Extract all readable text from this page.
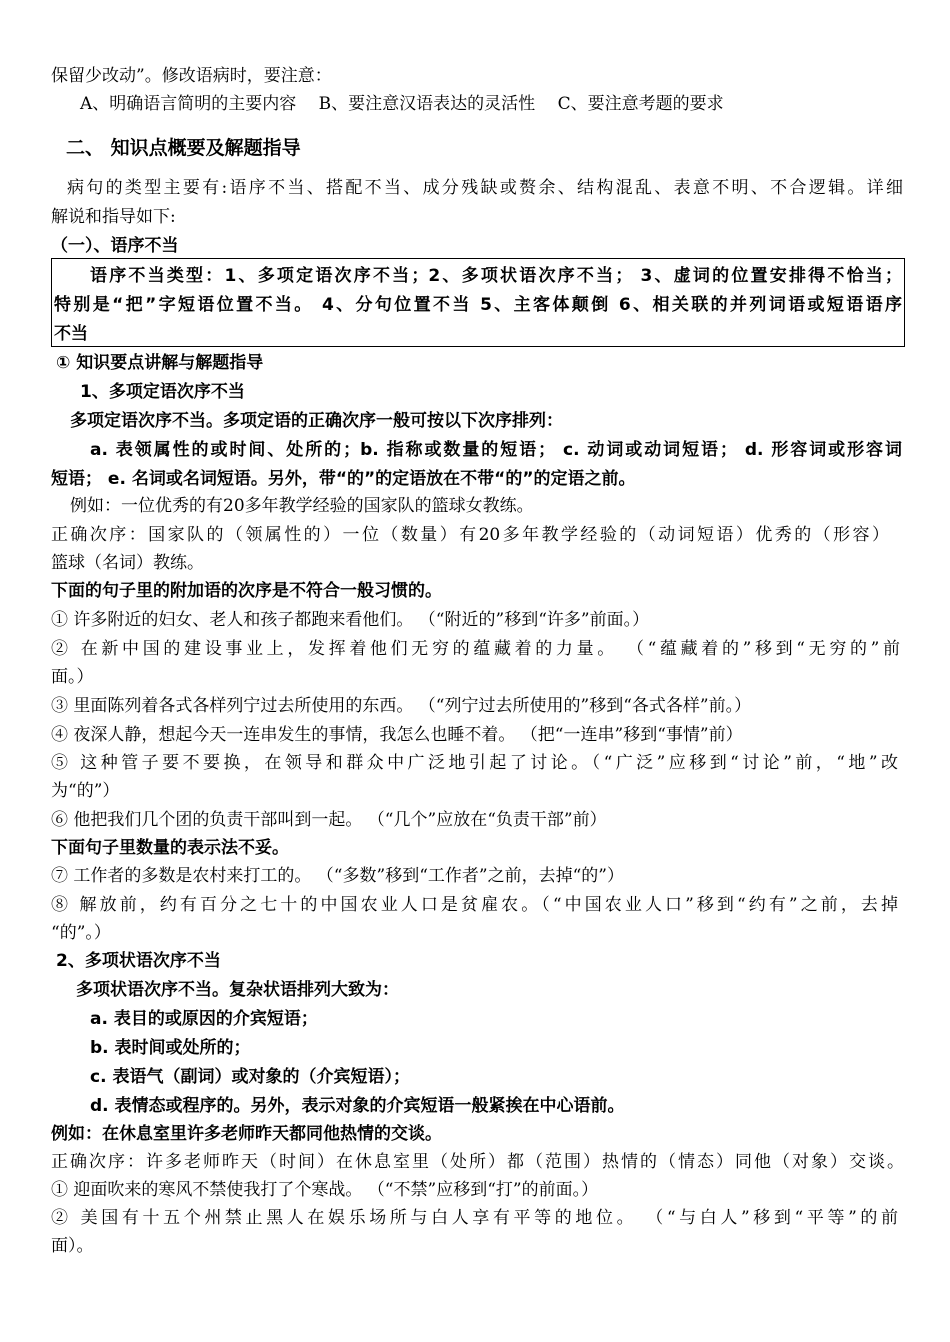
保留少改动”。修改语病时，要注意：
A、明确语言简明的主要内容　 B、要注意汉语表达的灵活性　 C、要注意考题的要求
二、 知识点概要及解题指导
病句的类型主要有:语序不当、搭配不当、成分残缺或赘余、结构混乱、表意不明、不合逻辑。详细
解说和指导如下:
（一）、语序不当
语序不当类型：1、多项定语次序不当；2、多项状语次序不当； 3、虚词的位置安排得不恰当；
特别是“把”字短语位置不当。 4、分句位置不当 5、主客体颠倒 6、相关联的并列词语或短语语序
不当
① 知识要点讲解与解题指导
1、多项定语次序不当
多项定语次序不当。多项定语的正确次序一般可按以下次序排列：
a. 表领属性的或时间、处所的；b. 指称或数量的短语； c. 动词或动词短语； d. 形容词或形容词
短语； e. 名词或名词短语。另外，带“的”的定语放在不带“的”的定语之前。
例如：一位优秀的有20多年教学经验的国家队的篮球女教练。
正确次序：国家队的（领属性的）一位（数量）有20多年教学经验的（动词短语）优秀的（形容）
篮球（名词）教练。
下面的句子里的附加语的次序是不符合一般习惯的。
① 许多附近的妇女、老人和孩子都跑来看他们。 （“附近的”移到“许多”前面。）
② 在新中国的建设事业上，发挥着他们无穷的蕴藏着的力量。 （“蕴藏着的”移到“无穷的”前
面。）
③ 里面陈列着各式各样列宁过去所使用的东西。 （“列宁过去所使用的”移到“各式各样”前。）
④ 夜深人静，想起今天一连串发生的事情，我怎么也睡不着。 （把“一连串”移到“事情”前）
⑤ 这种管子要不要换，在领导和群众中广泛地引起了讨论。（“广泛”应移到“讨论”前，“地”改
为“的”）
⑥ 他把我们几个团的负责干部叫到一起。 （“几个”应放在“负责干部”前）
下面句子里数量的表示法不妥。
⑦ 工作者的多数是农村来打工的。 （“多数”移到“工作者”之前，去掉“的”）
⑧ 解放前，约有百分之七十的中国农业人口是贫雇农。（“中国农业人口”移到“约有”之前，去掉
“的”。）
2、多项状语次序不当
多项状语次序不当。复杂状语排列大致为：
a. 表目的或原因的介宾短语；
b. 表时间或处所的；
c. 表语气（副词）或对象的（介宾短语）；
d. 表情态或程序的。另外，表示对象的介宾短语一般紧挨在中心语前。
例如：在休息室里许多老师昨天都同他热情的交谈。
正确次序：许多老师昨天（时间）在休息室里（处所）都（范围）热情的（情态）同他（对象）交谈。
① 迎面吹来的寒风不禁使我打了个寒战。 （“不禁”应移到“打”的前面。）
② 美国有十五个州禁止黑人在娱乐场所与白人享有平等的地位。 （“与白人”移到“平等”的前
面）。
